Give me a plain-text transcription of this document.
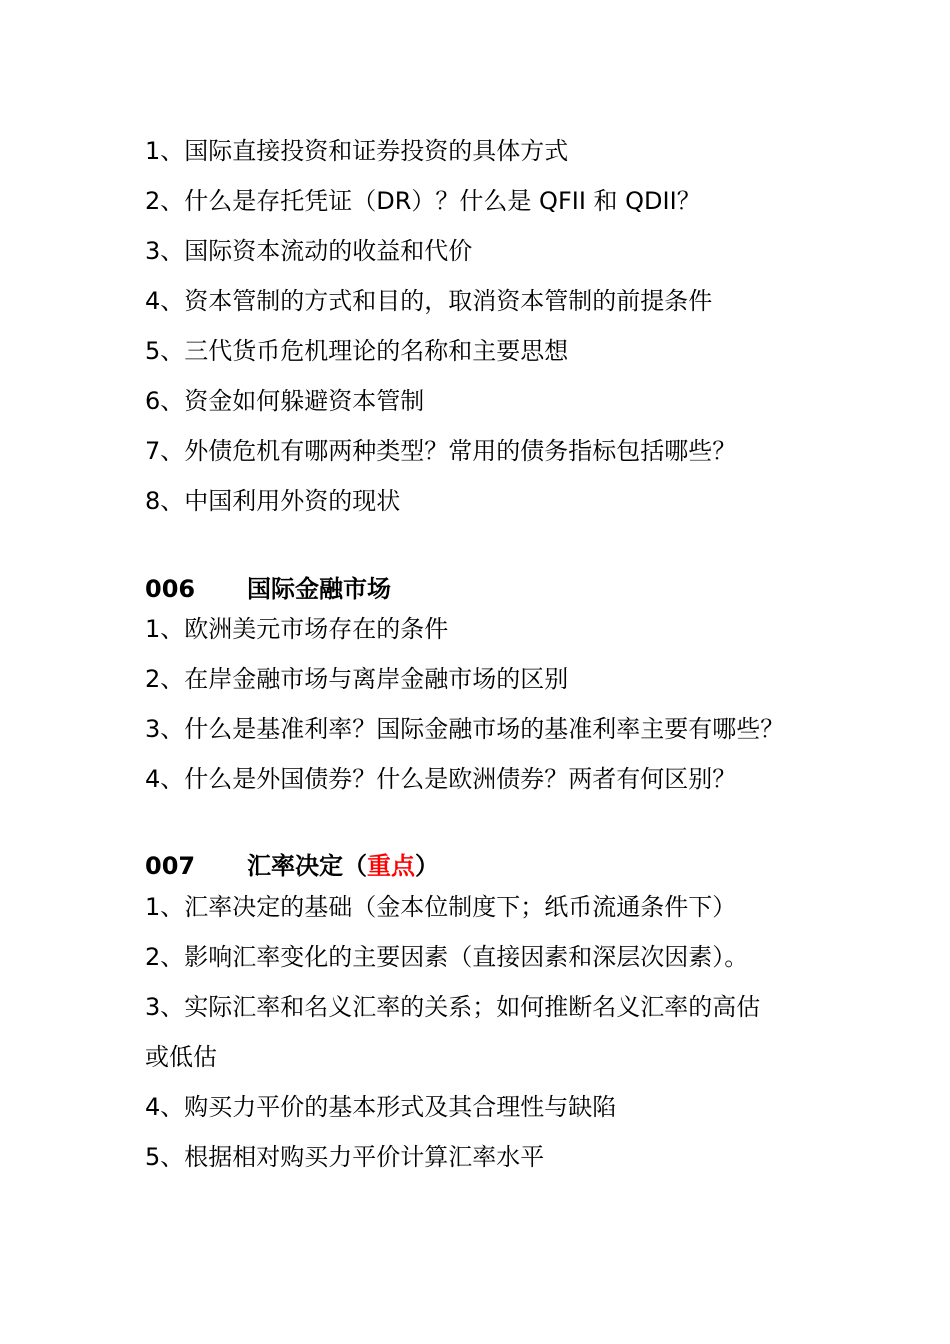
1、国际直接投资和证券投资的具体方式
2、什么是存托凭证（DR）？什么是 QFII 和 QDII？
3、国际资本流动的收益和代价
4、资本管制的方式和目的，取消资本管制的前提条件
5、三代货币危机理论的名称和主要思想
6、资金如何躲避资本管制
7、外债危机有哪两种类型？常用的债务指标包括哪些？
8、中国利用外资的现状
006 国际金融市场
1、欧洲美元市场存在的条件
2、在岸金融市场与离岸金融市场的区别
3、什么是基准利率？国际金融市场的基准利率主要有哪些？
4、什么是外国债券？什么是欧洲债券？两者有何区别？
007 汇率决定（重点）
1、汇率决定的基础（金本位制度下；纸币流通条件下）
2、影响汇率变化的主要因素（直接因素和深层次因素）。
3、实际汇率和名义汇率的关系；如何推断名义汇率的高估
或低估
4、购买力平价的基本形式及其合理性与缺陷
5、根据相对购买力平价计算汇率水平
